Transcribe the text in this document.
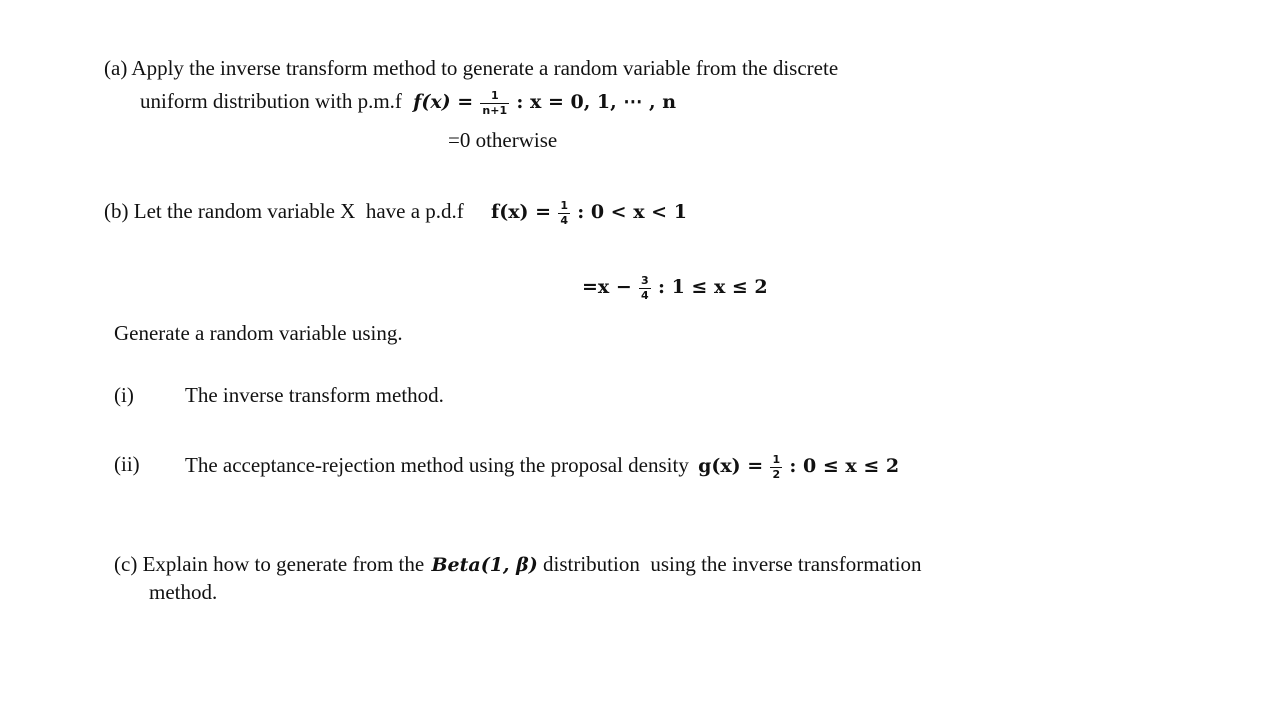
(a) Apply the inverse transform method to generate a random variable from the discrete
uniform distribution with p.m.f $f(x) = \frac{1}{n+1}$ : x = 0, 1, ⋯ , n
=0 otherwise
(b) Let the random variable X  have a p.d.f $f(x) = \frac{1}{4}$ : 0 < x < 1
$=x - \frac{3}{4}$ : 1 ≤ x ≤ 2
Generate a random variable using.
(i) The inverse transform method.
(ii) The acceptance-rejection method using the proposal density $g(x) = \frac{1}{2}$ : 0 ≤ x ≤ 2
(c) Explain how to generate from the Beta(1, β) distribution  using the inverse transformation
method.
